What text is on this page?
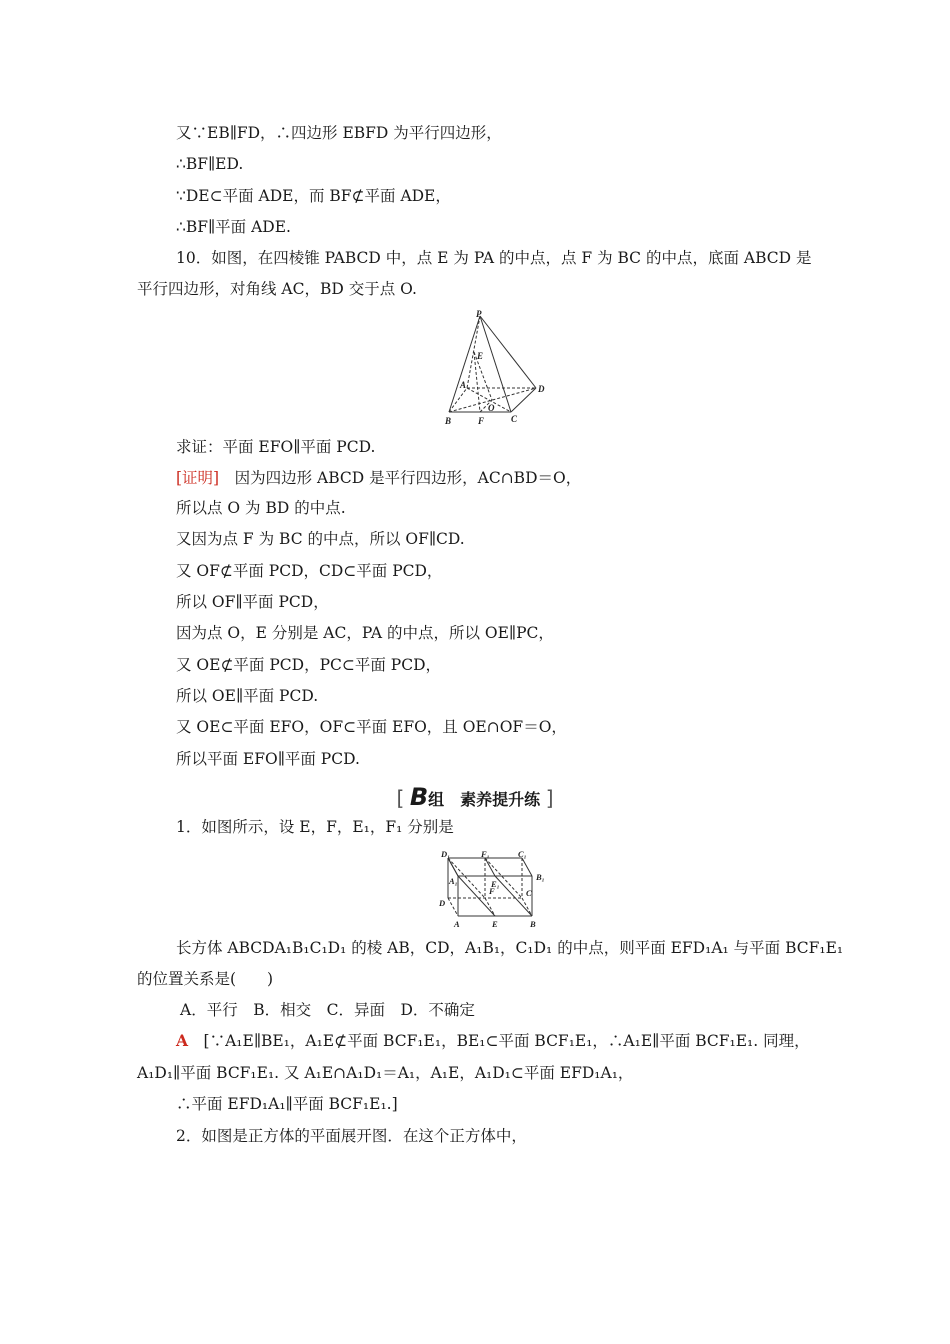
又∵EB∥FD，∴四边形 EBFD 为平行四边形，
∴BF∥ED.
∵DE⊂平面 ADE，而 BF⊄平面 ADE，
∴BF∥平面 ADE.
10．如图，在四棱锥 PABCD 中，点 E 为 PA 的中点，点 F 为 BC 的中点，底面 ABCD 是
平行四边形，对角线 AC，BD 交于点 O.
P
E
A	D
O
B	F	C
求证：平面 EFO∥平面 PCD.
[证明]　 因为四边形 ABCD 是平行四边形，AC∩BD＝O，
所以点 O 为 BD 的中点.
又因为点 F 为 BC 的中点，所以 OF∥CD.
又 OF⊄平面 PCD，CD⊂平面 PCD，
所以 OF∥平面 PCD，
因为点 O，E 分别是 AC，PA 的中点，所以 OE∥PC，
又 OE⊄平面 PCD，PC⊂平面 PCD，
所以 OE∥平面 PCD.
又 OE⊂平面 EFO，OF⊂平面 EFO，且 OE∩OF＝O，
所以平面 EFO∥平面 PCD.
[ B组　素养提升练 ]
1．如图所示，设 E，F，E₁，F₁ 分别是
D₁	F₁	C₁
A₁	E₁
B₁
D
F	C
A	E	B
长方体 ABCDA₁B₁C₁D₁ 的棱 AB，CD，A₁B₁，C₁D₁ 的中点，则平面 EFD₁A₁ 与平面 BCF₁E₁
的位置关系是(　　)
A．平行　B．相交　C．异面　D．不确定
A　 [∵A₁E∥BE₁，A₁E⊄平面 BCF₁E₁，BE₁⊂平面 BCF₁E₁，∴A₁E∥平面 BCF₁E₁. 同理，
A₁D₁∥平面 BCF₁E₁. 又 A₁E∩A₁D₁＝A₁，A₁E，A₁D₁⊂平面 EFD₁A₁，
∴平面 EFD₁A₁∥平面 BCF₁E₁.]
2．如图是正方体的平面展开图．在这个正方体中，
